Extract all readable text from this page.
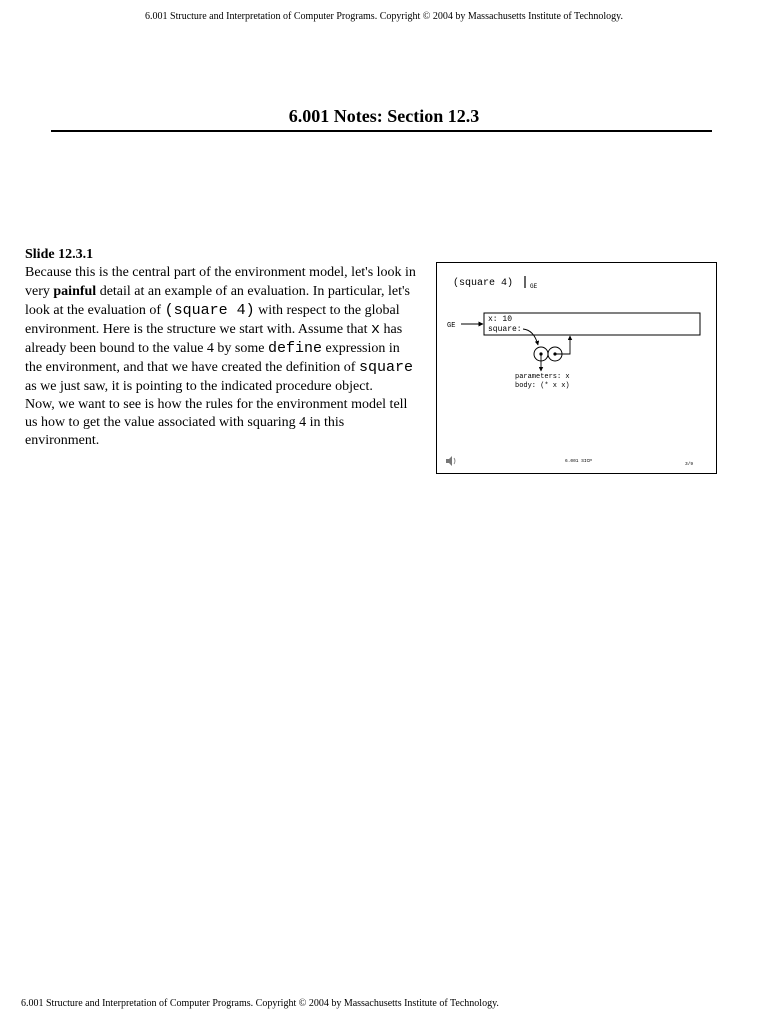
6.001 Structure and Interpretation of Computer Programs. Copyright © 2004 by Massachusetts Institute of Technology.
6.001 Notes: Section 12.3
Slide 12.3.1
Because this is the central part of the environment model, let's look in very painful detail at an example of an evaluation. In particular, let's look at the evaluation of (square 4) with respect to the global environment. Here is the structure we start with. Assume that x has already been bound to the value 4 by some define expression in the environment, and that we have created the definition of square as we just saw, it is pointing to the indicated procedure object.
Now, we want to see is how the rules for the environment model tell us how to get the value associated with squaring 4 in this environment.
(square 4)	GE
GE
x: 10
square:
parameters: x
body: (* x x)
6.001 SICP
3/9
6.001 Structure and Interpretation of Computer Programs. Copyright © 2004 by Massachusetts Institute of Technology.
